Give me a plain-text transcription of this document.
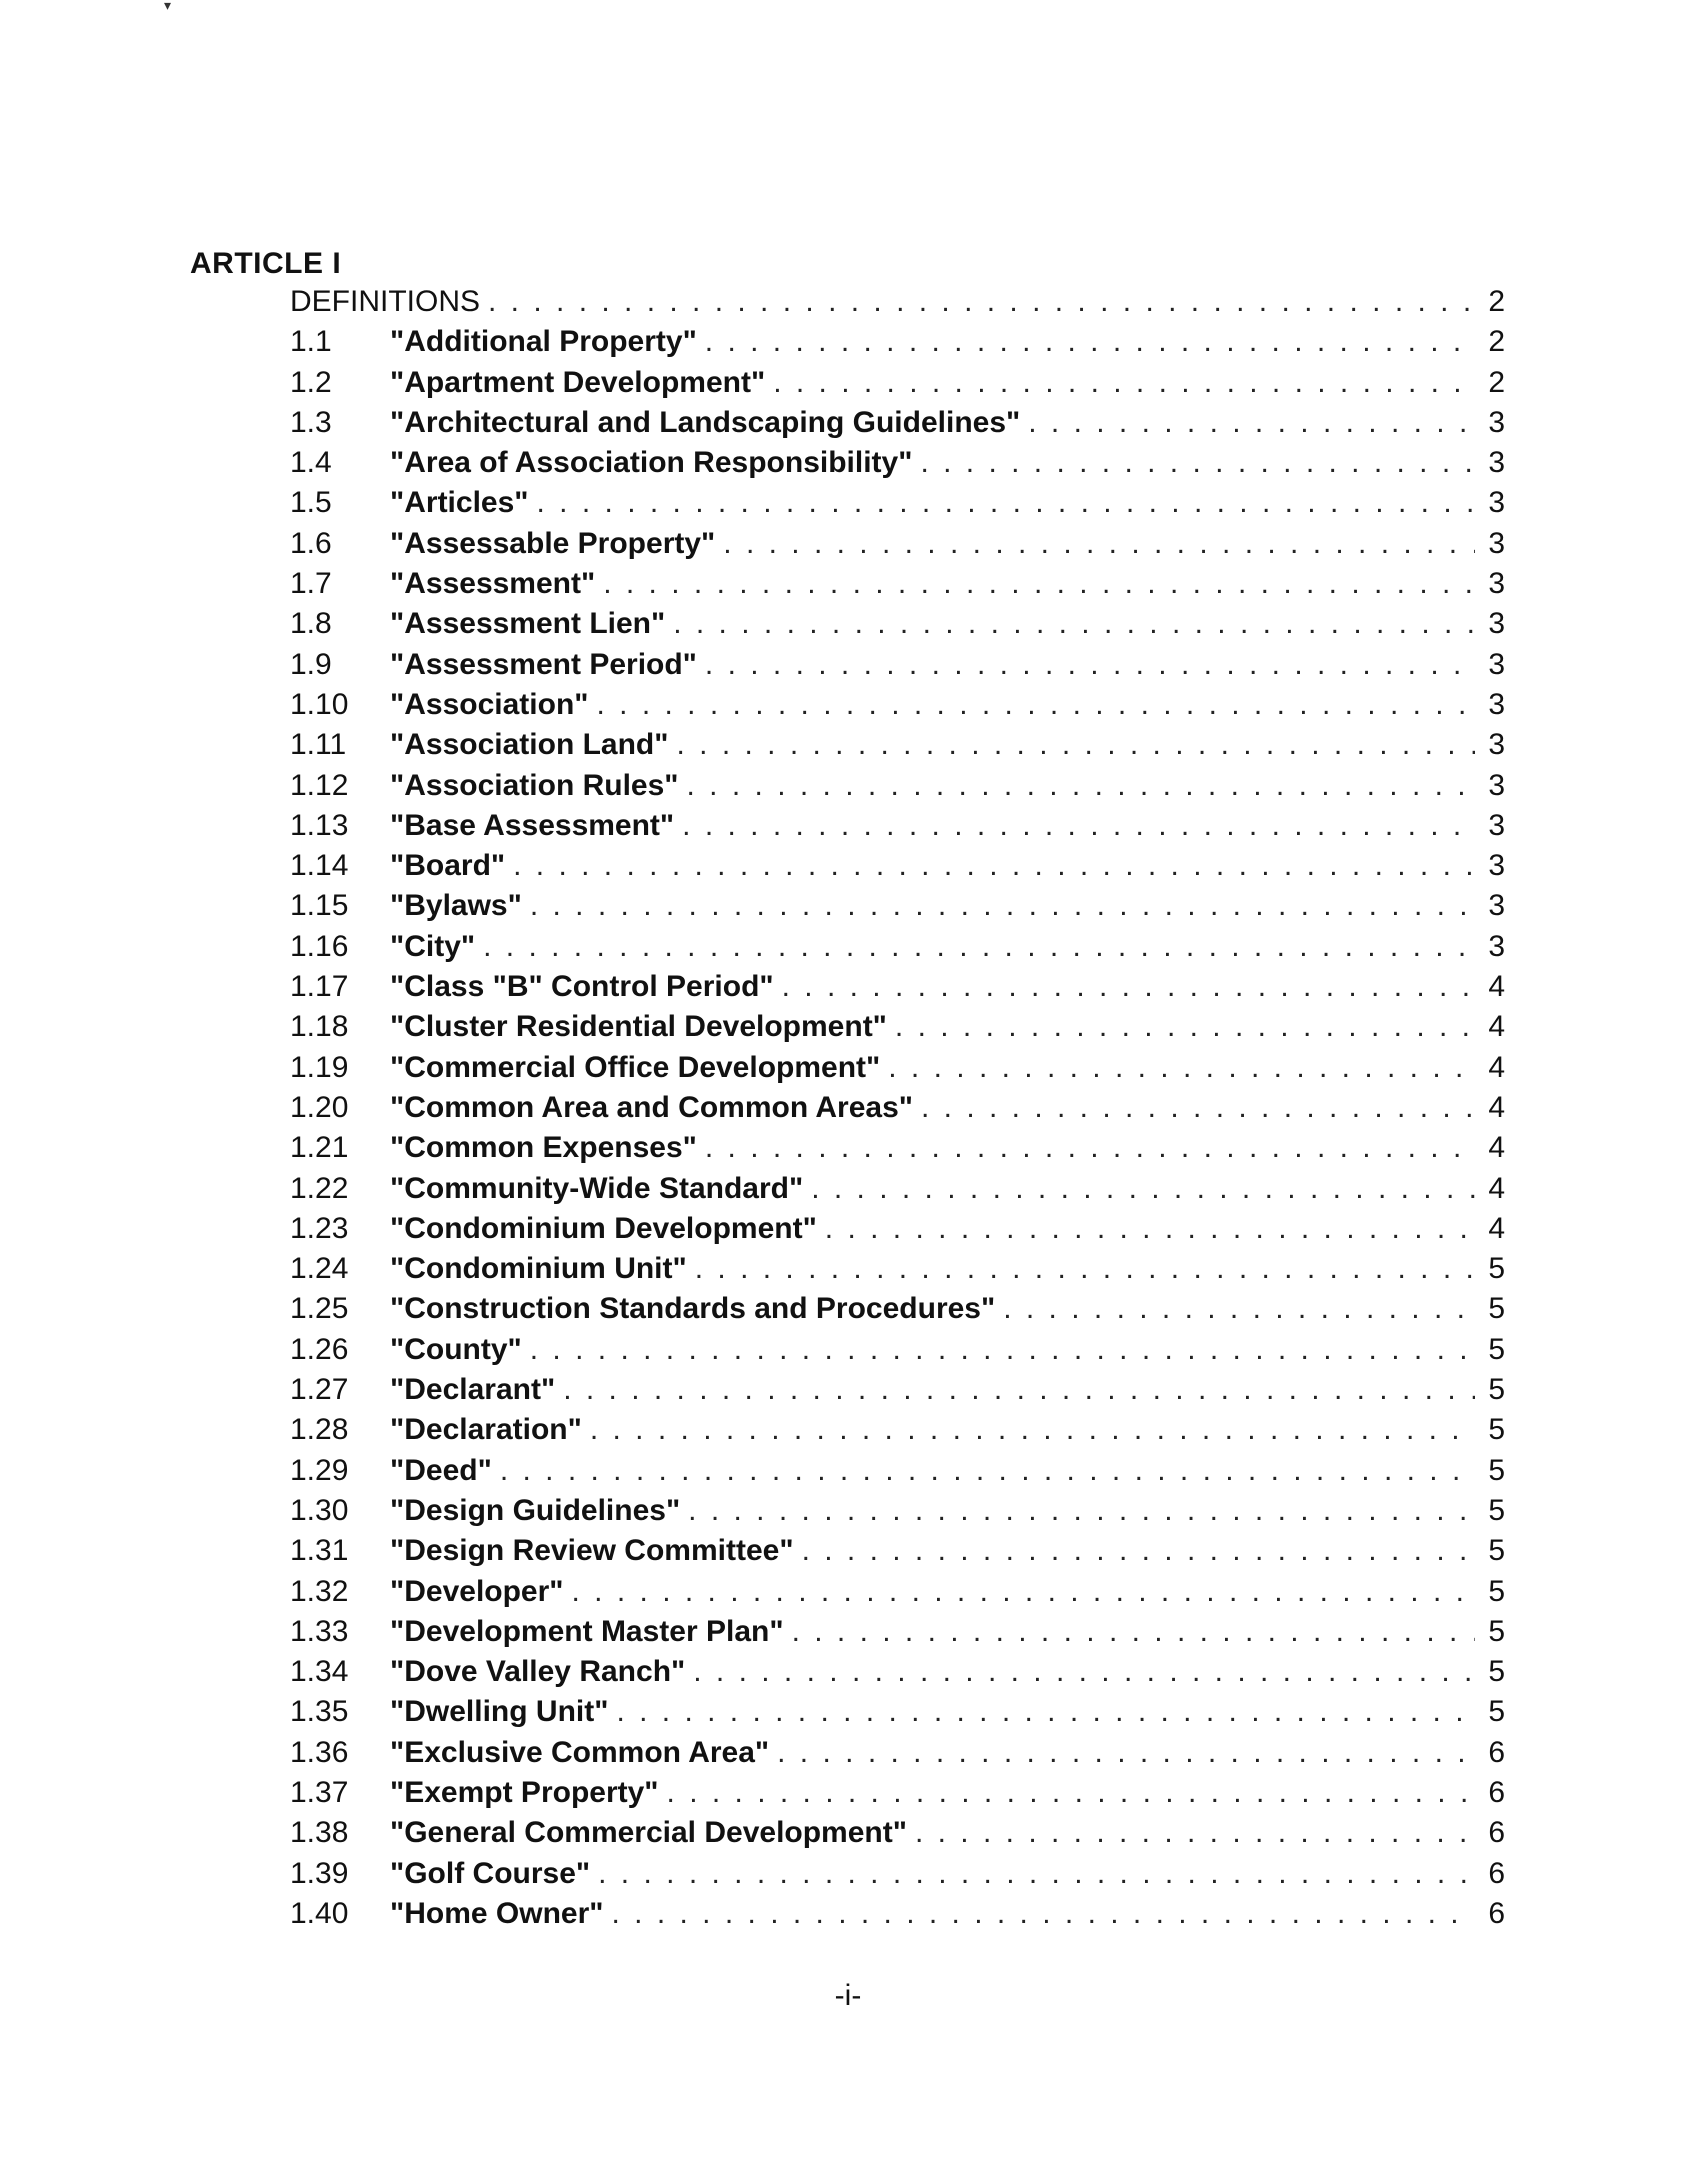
▾
ARTICLE I
DEFINITIONS . . .	2
1.1	"Additional Property" . . .	2
1.2	"Apartment Development" . . .	2
1.3	"Architectural and Landscaping Guidelines" . . .	3
1.4	"Area of Association Responsibility" . . .	3
1.5	"Articles" . . .	3
1.6	"Assessable Property" . . .	3
1.7	"Assessment" . . .	3
1.8	"Assessment Lien" . . .	3
1.9	"Assessment Period" . . .	3
1.10	"Association" . . .	3
1.11	"Association Land" . . .	3
1.12	"Association Rules" . . .	3
1.13	"Base Assessment" . . .	3
1.14	"Board" . . .	3
1.15	"Bylaws" . . .	3
1.16	"City" . . .	3
1.17	"Class "B" Control Period" . . .	4
1.18	"Cluster Residential Development" . . .	4
1.19	"Commercial Office Development" . . .	4
1.20	"Common Area and Common Areas" . . .	4
1.21	"Common Expenses" . . .	4
1.22	"Community-Wide Standard" . . .	4
1.23	"Condominium Development" . . .	4
1.24	"Condominium Unit" . . .	5
1.25	"Construction Standards and Procedures" . . .	5
1.26	"County" . . .	5
1.27	"Declarant" . . .	5
1.28	"Declaration" . . .	5
1.29	"Deed" . . .	5
1.30	"Design Guidelines" . . .	5
1.31	"Design Review Committee" . . .	5
1.32	"Developer" . . .	5
1.33	"Development Master Plan" . . .	5
1.34	"Dove Valley Ranch" . . .	5
1.35	"Dwelling Unit" . . .	5
1.36	"Exclusive Common Area" . . .	6
1.37	"Exempt Property" . . .	6
1.38	"General Commercial Development" . . .	6
1.39	"Golf Course" . . .	6
1.40	"Home Owner" . . .	6
-i-
